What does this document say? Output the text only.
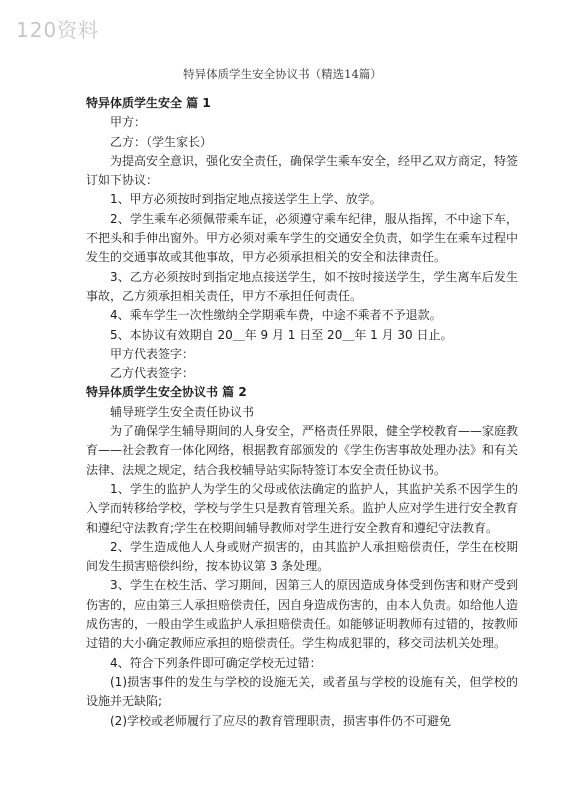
120资料
特异体质学生安全协议书（精选14篇）

特异体质学生安全 篇 1

甲方：

乙方：（学生家长）

为提高安全意识，强化安全责任，确保学生乘车安全，经甲乙双方商定，特签订如下协议：

1、甲方必须按时到指定地点接送学生上学、放学。

2、学生乘车必须佩带乘车证，必须遵守乘车纪律，服从指挥，不中途下车，不把头和手伸出窗外。甲方必须对乘车学生的交通安全负责，如学生在乘车过程中发生的交通事故或其他事故，甲方必须承担相关的安全和法律责任。

3、乙方必须按时到指定地点接送学生，如不按时接送学生，学生离车后发生事故，乙方须承担相关责任，甲方不承担任何责任。

4、乘车学生一次性缴纳全学期乘车费，中途不乘者不予退款。

5、本协议有效期自 20＿年 9 月 1 日至 20＿年 1 月 30 日止。

甲方代表签字：

乙方代表签字：

特异体质学生安全协议书 篇 2

辅导班学生安全责任协议书

为了确保学生辅导期间的人身安全，严格责任界限，健全学校教育——家庭教育——社会教育一体化网络，根据教育部颁发的《学生伤害事故处理办法》和有关法律、法规之规定，结合我校辅导站实际特签订本安全责任协议书。

1、学生的监护人为学生的父母或依法确定的监护人，其监护关系不因学生的入学而转移给学校，学校与学生只是教育管理关系。监护人应对学生进行安全教育和遵纪守法教育;学生在校期间辅导教师对学生进行安全教育和遵纪守法教育。

2、学生造成他人人身或财产损害的，由其监护人承担赔偿责任，学生在校期间发生损害赔偿纠纷，按本协议第 3 条处理。

3、学生在校生活、学习期间，因第三人的原因造成身体受到伤害和财产受到伤害的，应由第三人承担赔偿责任，因自身造成伤害的，由本人负责。如给他人造成伤害的，一般由学生或监护人承担赔偿责任。如能够证明教师有过错的，按教师过错的大小确定教师应承担的赔偿责任。学生构成犯罪的，移交司法机关处理。

4、符合下列条件即可确定学校无过错：

(1)损害事件的发生与学校的设施无关，或者虽与学校的设施有关，但学校的设施并无缺陷;

(2)学校或老师履行了应尽的教育管理职责，损害事件仍不可避免
